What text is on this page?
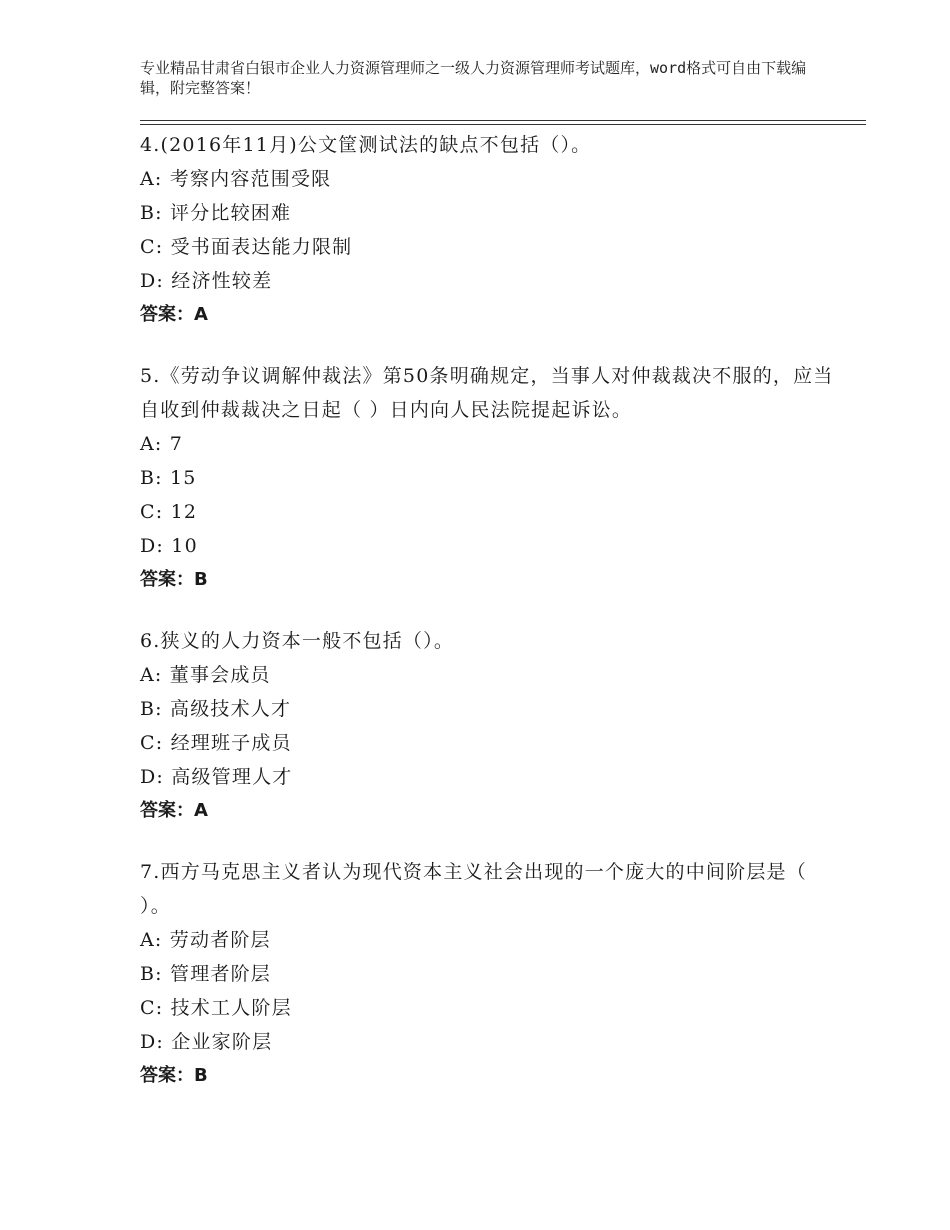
专业精品甘肃省白银市企业人力资源管理师之一级人力资源管理师考试题库，word格式可自由下载编辑，附完整答案！
4.(2016年11月)公文筐测试法的缺点不包括（）。
A: 考察内容范围受限
B: 评分比较困难
C: 受书面表达能力限制
D: 经济性较差
答案：A
5.《劳动争议调解仲裁法》第50条明确规定，当事人对仲裁裁决不服的，应当自收到仲裁裁决之日起（ ）日内向人民法院提起诉讼。
A: 7
B: 15
C: 12
D: 10
答案：B
6.狭义的人力资本一般不包括（）。
A: 董事会成员
B: 高级技术人才
C: 经理班子成员
D: 高级管理人才
答案：A
7.西方马克思主义者认为现代资本主义社会出现的一个庞大的中间阶层是（ ）。
A: 劳动者阶层
B: 管理者阶层
C: 技术工人阶层
D: 企业家阶层
答案：B
